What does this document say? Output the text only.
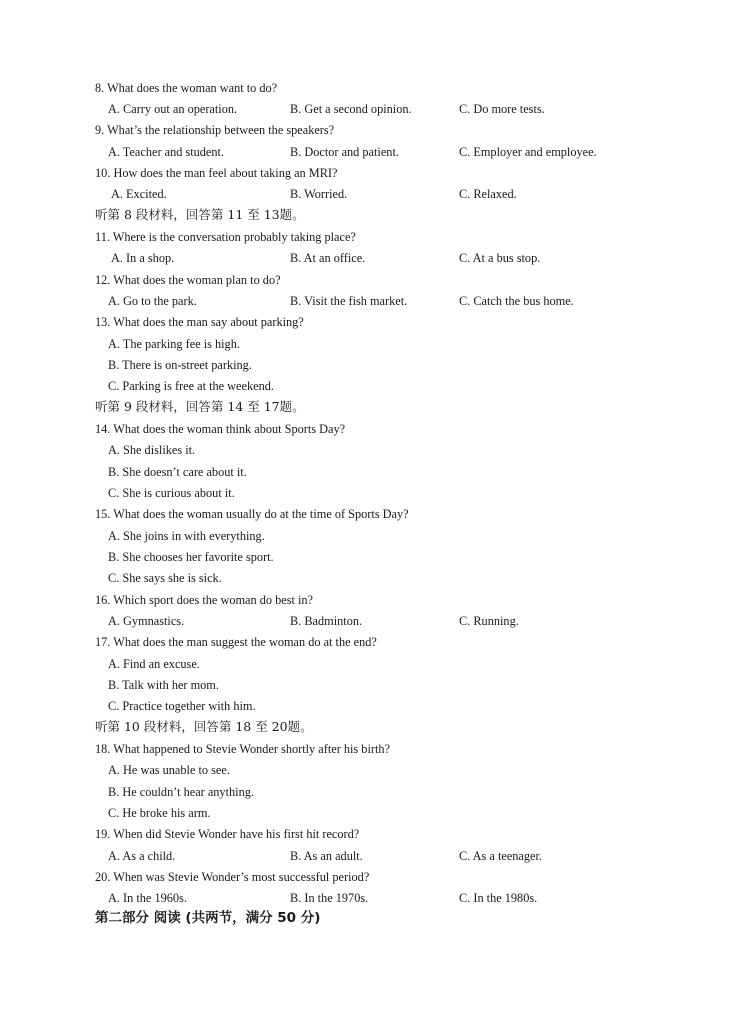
8. What does the woman want to do?
A. Carry out an operation.	B. Get a second opinion.	C. Do more tests.
9. What’s the relationship between the speakers?
A. Teacher and student.	B. Doctor and patient.	C. Employer and employee.
10. How does the man feel about taking an MRI?
A. Excited.	B. Worried.	C. Relaxed.
听第 8 段材料，回答第 11 至 13题。
11. Where is the conversation probably taking place?
A. In a shop.	B. At an office.	C. At a bus stop.
12. What does the woman plan to do?
A. Go to the park.	B. Visit the fish market.	C. Catch the bus home.
13. What does the man say about parking?
A. The parking fee is high.
B. There is on-street parking.
C. Parking is free at the weekend.
听第 9 段材料，回答第 14 至 17题。
14. What does the woman think about Sports Day?
A. She dislikes it.
B. She doesn’t care about it.
C. She is curious about it.
15. What does the woman usually do at the time of Sports Day?
A. She joins in with everything.
B. She chooses her favorite sport.
C. She says she is sick.
16. Which sport does the woman do best in?
A. Gymnastics.	B. Badminton.	C. Running.
17. What does the man suggest the woman do at the end?
A. Find an excuse.
B. Talk with her mom.
C. Practice together with him.
听第 10 段材料，回答第 18 至 20题。
18. What happened to Stevie Wonder shortly after his birth?
A. He was unable to see.
B. He couldn’t hear anything.
C. He broke his arm.
19. When did Stevie Wonder have his first hit record?
A. As a child.	B. As an adult.	C. As a teenager.
20. When was Stevie Wonder’s most successful period?
A. In the 1960s.	B. In the 1970s.	C. In the 1980s.
第二部分 阅读 (共两节，满分 50 分)
